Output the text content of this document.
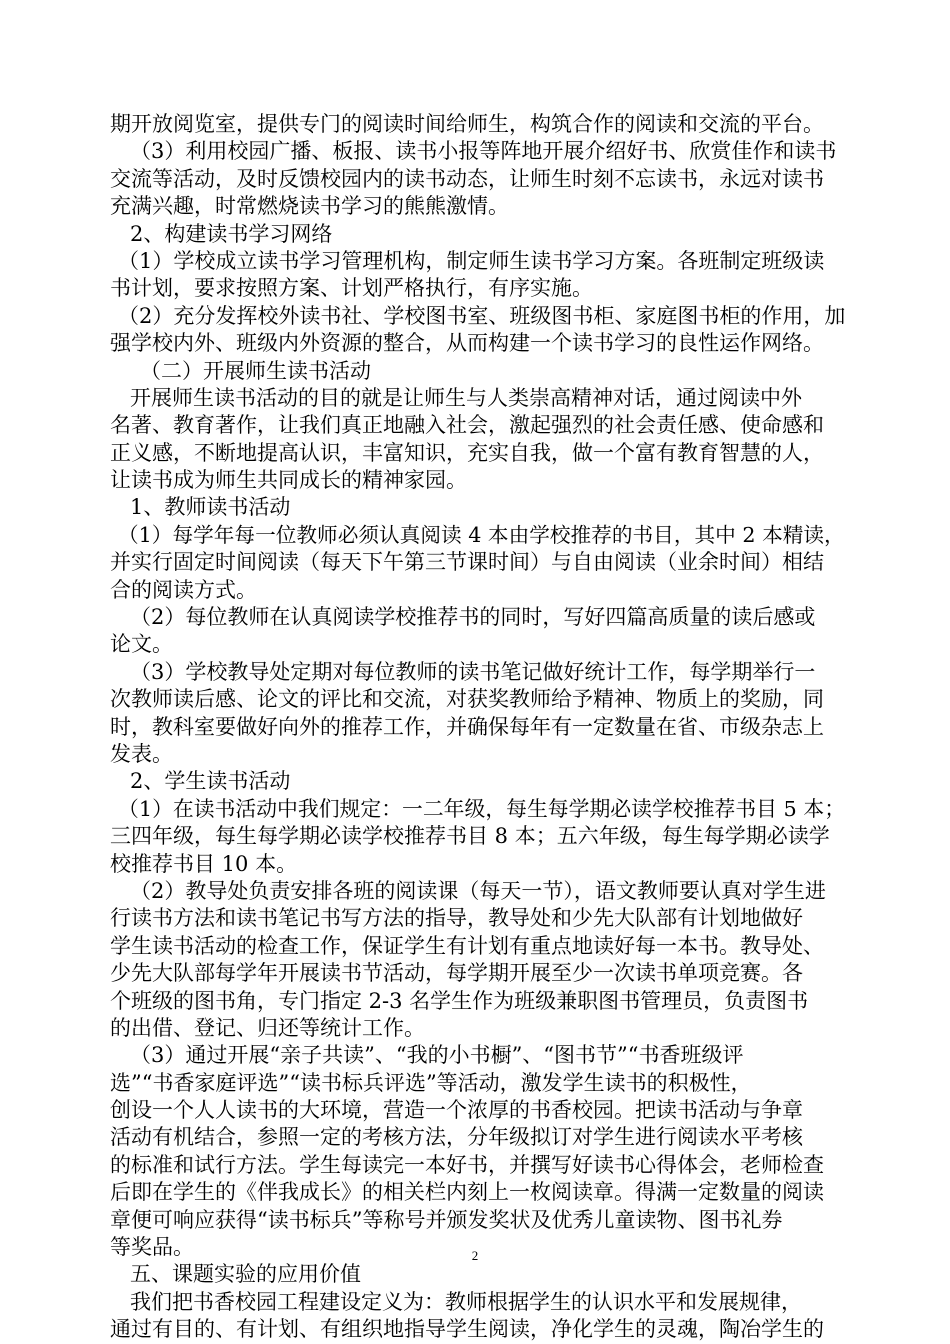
期开放阅览室，提供专门的阅读时间给师生，构筑合作的阅读和交流的平台。
（3）利用校园广播、板报、读书小报等阵地开展介绍好书、欣赏佳作和读书
交流等活动，及时反馈校园内的读书动态，让师生时刻不忘读书，永远对读书
充满兴趣，时常燃烧读书学习的熊熊激情。
2、构建读书学习网络
（1）学校成立读书学习管理机构，制定师生读书学习方案。各班制定班级读
书计划，要求按照方案、计划严格执行，有序实施。
（2）充分发挥校外读书社、学校图书室、班级图书柜、家庭图书柜的作用，加
强学校内外、班级内外资源的整合，从而构建一个读书学习的良性运作网络。
（二）开展师生读书活动
开展师生读书活动的目的就是让师生与人类崇高精神对话，通过阅读中外
名著、教育著作，让我们真正地融入社会，激起强烈的社会责任感、使命感和
正义感，不断地提高认识，丰富知识，充实自我，做一个富有教育智慧的人，
让读书成为师生共同成长的精神家园。
1、教师读书活动
（1）每学年每一位教师必须认真阅读 4 本由学校推荐的书目，其中 2 本精读，
并实行固定时间阅读（每天下午第三节课时间）与自由阅读（业余时间）相结
合的阅读方式。
（2）每位教师在认真阅读学校推荐书的同时，写好四篇高质量的读后感或
论文。
（3）学校教导处定期对每位教师的读书笔记做好统计工作，每学期举行一
次教师读后感、论文的评比和交流，对获奖教师给予精神、物质上的奖励，同
时，教科室要做好向外的推荐工作，并确保每年有一定数量在省、市级杂志上
发表。
2、学生读书活动
（1）在读书活动中我们规定：一二年级，每生每学期必读学校推荐书目 5 本；
三四年级，每生每学期必读学校推荐书目 8 本；五六年级，每生每学期必读学
校推荐书目 10 本。
（2）教导处负责安排各班的阅读课（每天一节），语文教师要认真对学生进
行读书方法和读书笔记书写方法的指导，教导处和少先大队部有计划地做好
学生读书活动的检查工作，保证学生有计划有重点地读好每一本书。教导处、
少先大队部每学年开展读书节活动，每学期开展至少一次读书单项竞赛。各
个班级的图书角，专门指定 2-3 名学生作为班级兼职图书管理员，负责图书
的出借、登记、归还等统计工作。
（3）通过开展“亲子共读”、“我的小书橱”、“图书节”“书香班级评
选”“书香家庭评选”“读书标兵评选”等活动，激发学生读书的积极性，
创设一个人人读书的大环境，营造一个浓厚的书香校园。把读书活动与争章
活动有机结合，参照一定的考核方法，分年级拟订对学生进行阅读水平考核
的标准和试行方法。学生每读完一本好书，并撰写好读书心得体会，老师检查
后即在学生的《伴我成长》的相关栏内刻上一枚阅读章。得满一定数量的阅读
章便可响应获得“读书标兵”等称号并颁发奖状及优秀儿童读物、图书礼券
等奖品。
五、课题实验的应用价值
我们把书香校园工程建设定义为：教师根据学生的认识水平和发展规律，
通过有目的、有计划、有组织地指导学生阅读，净化学生的灵魂，陶冶学生的
2
